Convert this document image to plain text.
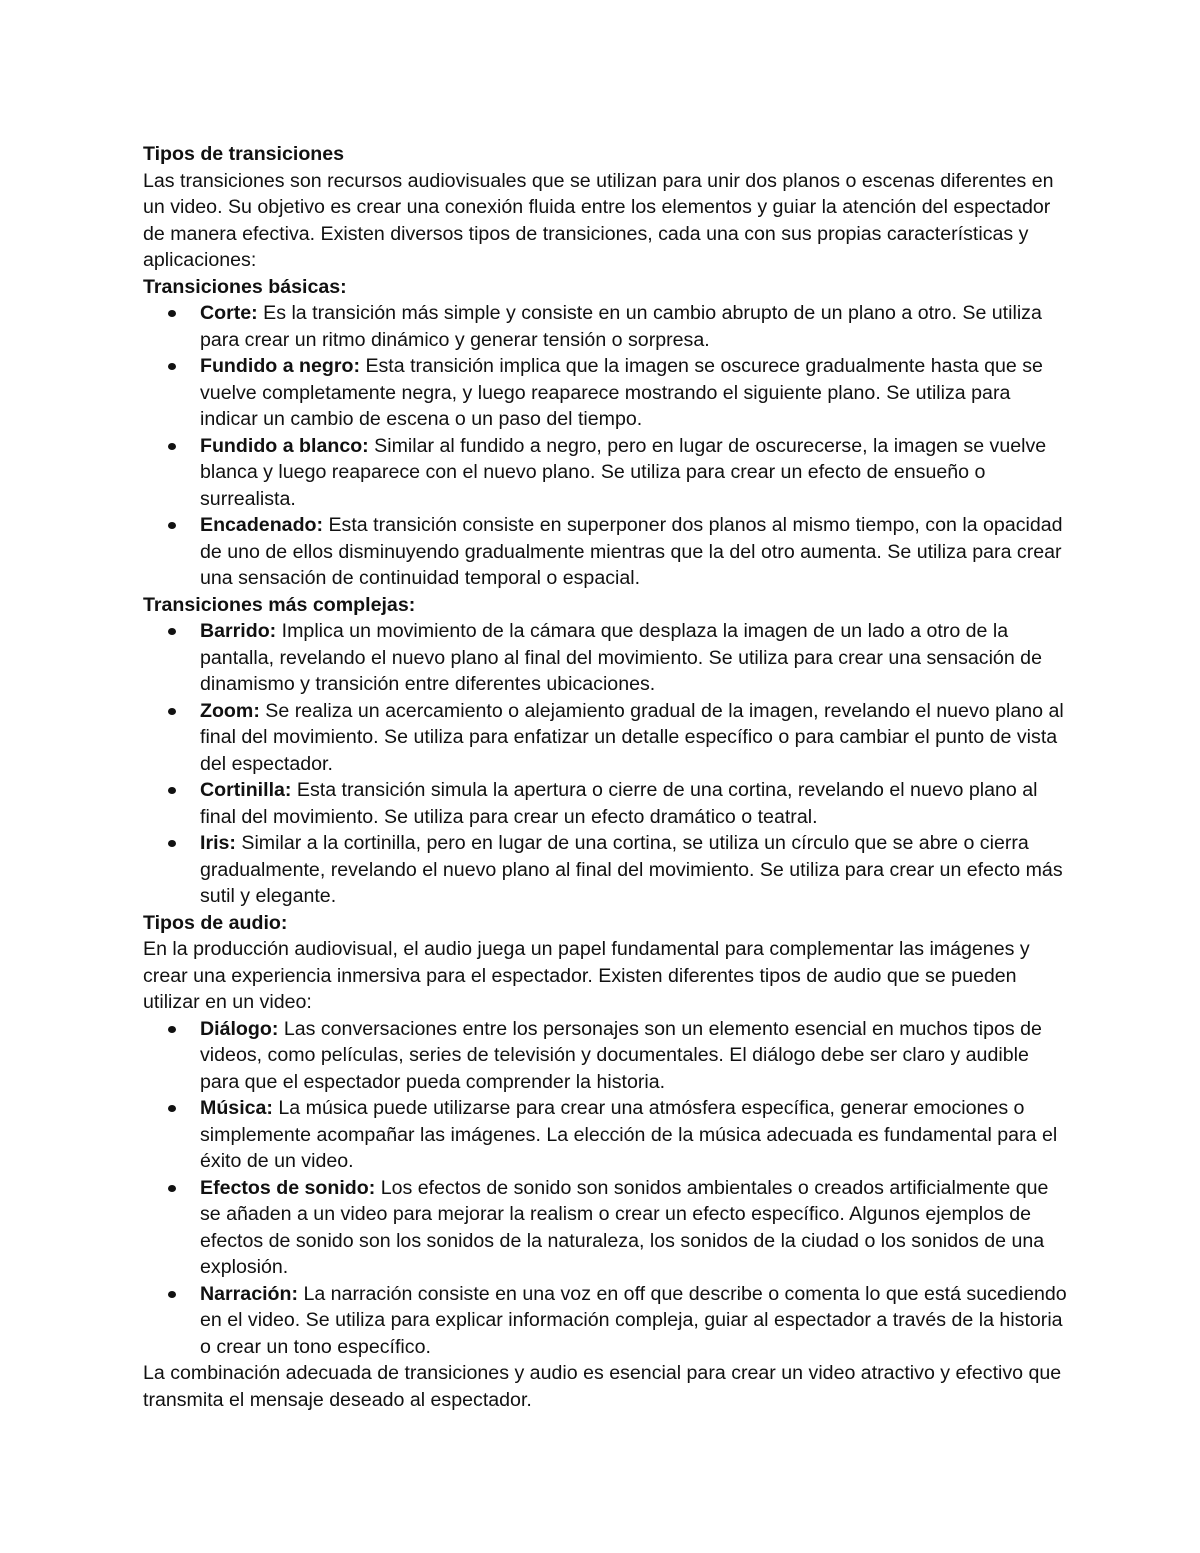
Tipos de transiciones

Las transiciones son recursos audiovisuales que se utilizan para unir dos planos o escenas diferentes en un video. Su objetivo es crear una conexión fluida entre los elementos y guiar la atención del espectador de manera efectiva. Existen diversos tipos de transiciones, cada una con sus propias características y aplicaciones:

Transiciones básicas:

Corte: Es la transición más simple y consiste en un cambio abrupto de un plano a otro. Se utiliza para crear un ritmo dinámico y generar tensión o sorpresa.
Fundido a negro: Esta transición implica que la imagen se oscurece gradualmente hasta que se vuelve completamente negra, y luego reaparece mostrando el siguiente plano. Se utiliza para indicar un cambio de escena o un paso del tiempo.
Fundido a blanco: Similar al fundido a negro, pero en lugar de oscurecerse, la imagen se vuelve blanca y luego reaparece con el nuevo plano. Se utiliza para crear un efecto de ensueño o surrealista.
Encadenado: Esta transición consiste en superponer dos planos al mismo tiempo, con la opacidad de uno de ellos disminuyendo gradualmente mientras que la del otro aumenta. Se utiliza para crear una sensación de continuidad temporal o espacial.

Transiciones más complejas:

Barrido: Implica un movimiento de la cámara que desplaza la imagen de un lado a otro de la pantalla, revelando el nuevo plano al final del movimiento. Se utiliza para crear una sensación de dinamismo y transición entre diferentes ubicaciones.
Zoom: Se realiza un acercamiento o alejamiento gradual de la imagen, revelando el nuevo plano al final del movimiento. Se utiliza para enfatizar un detalle específico o para cambiar el punto de vista del espectador.
Cortinilla: Esta transición simula la apertura o cierre de una cortina, revelando el nuevo plano al final del movimiento. Se utiliza para crear un efecto dramático o teatral.
Iris: Similar a la cortinilla, pero en lugar de una cortina, se utiliza un círculo que se abre o cierra gradualmente, revelando el nuevo plano al final del movimiento. Se utiliza para crear un efecto más sutil y elegante.

Tipos de audio:

En la producción audiovisual, el audio juega un papel fundamental para complementar las imágenes y crear una experiencia inmersiva para el espectador. Existen diferentes tipos de audio que se pueden utilizar en un video:

Diálogo: Las conversaciones entre los personajes son un elemento esencial en muchos tipos de videos, como películas, series de televisión y documentales. El diálogo debe ser claro y audible para que el espectador pueda comprender la historia.
Música: La música puede utilizarse para crear una atmósfera específica, generar emociones o simplemente acompañar las imágenes. La elección de la música adecuada es fundamental para el éxito de un video.
Efectos de sonido: Los efectos de sonido son sonidos ambientales o creados artificialmente que se añaden a un video para mejorar la realism o crear un efecto específico. Algunos ejemplos de efectos de sonido son los sonidos de la naturaleza, los sonidos de la ciudad o los sonidos de una explosión.
Narración: La narración consiste en una voz en off que describe o comenta lo que está sucediendo en el video. Se utiliza para explicar información compleja, guiar al espectador a través de la historia o crear un tono específico.

La combinación adecuada de transiciones y audio es esencial para crear un video atractivo y efectivo que transmita el mensaje deseado al espectador.
